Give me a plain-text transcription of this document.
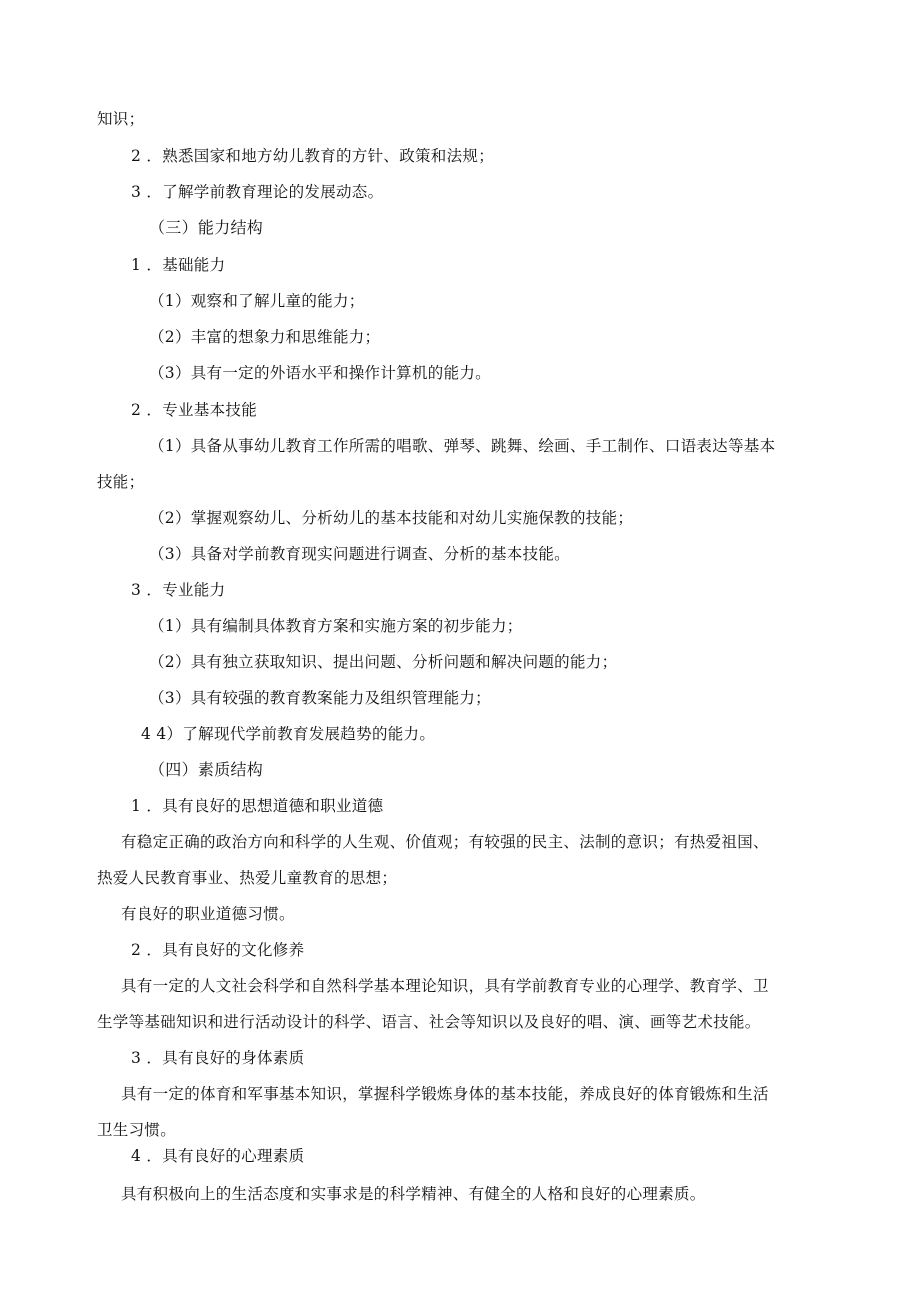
知识；

2 ．熟悉国家和地方幼儿教育的方针、政策和法规；

3 ．了解学前教育理论的发展动态。

（三）能力结构

1 ．基础能力

（1）观察和了解儿童的能力；

（2）丰富的想象力和思维能力；

（3）具有一定的外语水平和操作计算机的能力。

2 ．专业基本技能

（1）具备从事幼儿教育工作所需的唱歌、弹琴、跳舞、绘画、手工制作、口语表达等基本

技能；

（2）掌握观察幼儿、分析幼儿的基本技能和对幼儿实施保教的技能；

（3）具备对学前教育现实问题进行调查、分析的基本技能。

3 ．专业能力

（1）具有编制具体教育方案和实施方案的初步能力；

（2）具有独立获取知识、提出问题、分析问题和解决问题的能力；

（3）具有较强的教育教案能力及组织管理能力；

4 4）了解现代学前教育发展趋势的能力。

（四）素质结构

1 ．具有良好的思想道德和职业道德

有稳定正确的政治方向和科学的人生观、价值观；有较强的民主、法制的意识；有热爱祖国、

热爱人民教育事业、热爱儿童教育的思想；

有良好的职业道德习惯。

2 ．具有良好的文化修养

具有一定的人文社会科学和自然科学基本理论知识，具有学前教育专业的心理学、教育学、卫

生学等基础知识和进行活动设计的科学、语言、社会等知识以及良好的唱、演、画等艺术技能。

3 ．具有良好的身体素质

具有一定的体育和军事基本知识，掌握科学锻炼身体的基本技能，养成良好的体育锻炼和生活

卫生习惯。

4 ．具有良好的心理素质

具有积极向上的生活态度和实事求是的科学精神、有健全的人格和良好的心理素质。
